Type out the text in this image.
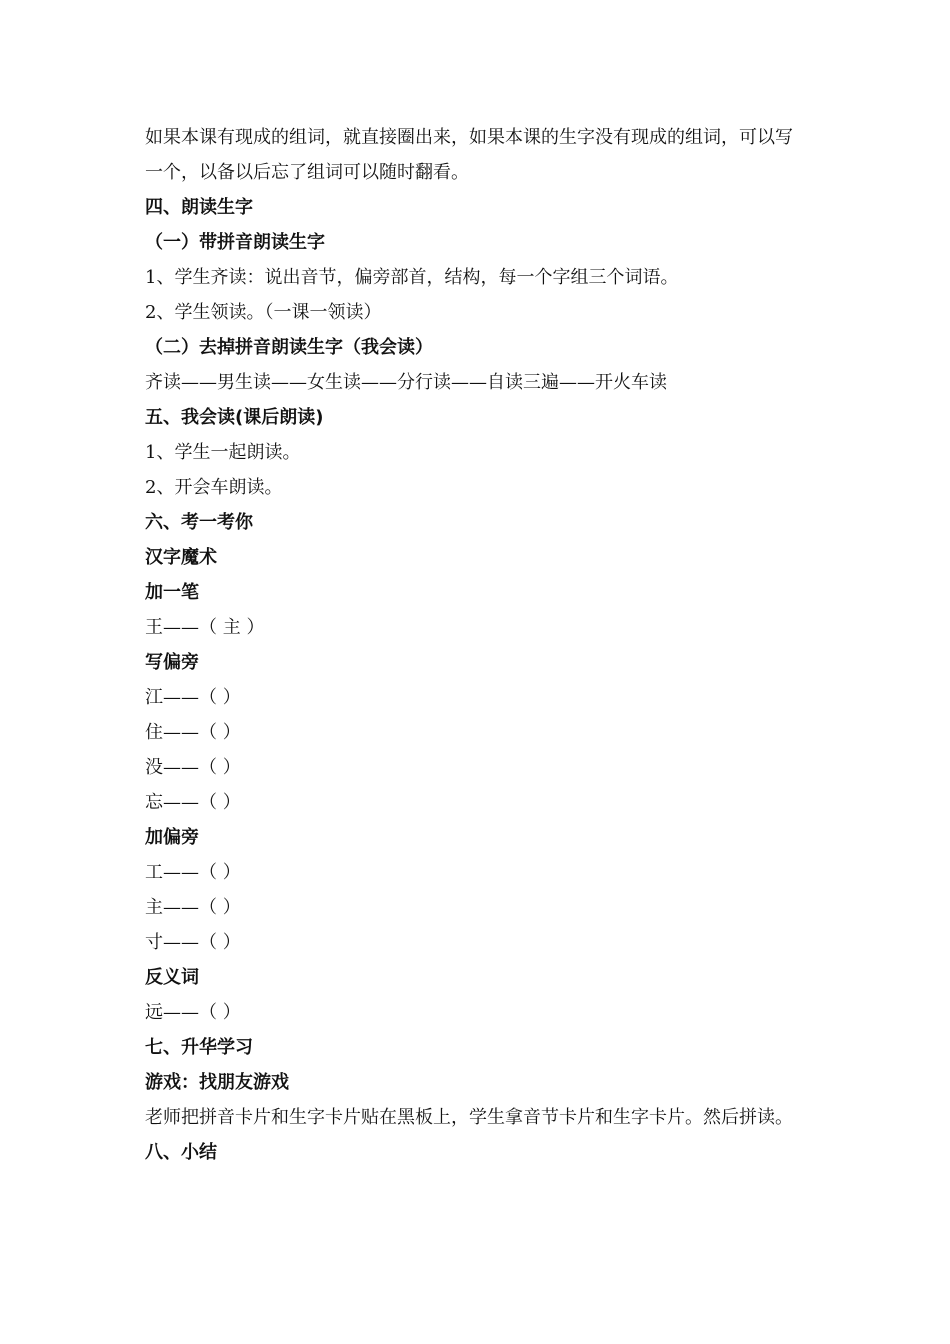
如果本课有现成的组词，就直接圈出来，如果本课的生字没有现成的组词，可以写一个，以备以后忘了组词可以随时翻看。
四、朗读生字
（一）带拼音朗读生字
1、学生齐读：说出音节，偏旁部首，结构，每一个字组三个词语。
2、学生领读。（一课一领读）
（二）去掉拼音朗读生字（我会读）
齐读——男生读——女生读——分行读——自读三遍——开火车读
五、我会读(课后朗读)
1、学生一起朗读。
2、开会车朗读。
六、考一考你
汉字魔术
加一笔
王——（ 主 ）
写偏旁
江——（ ）
住——（ ）
没——（ ）
忘——（ ）
加偏旁
工——（ ）
主——（ ）
寸——（ ）
反义词
远——（ ）
七、升华学习
游戏：找朋友游戏
老师把拼音卡片和生字卡片贴在黑板上，学生拿音节卡片和生字卡片。然后拼读。
八、小结
